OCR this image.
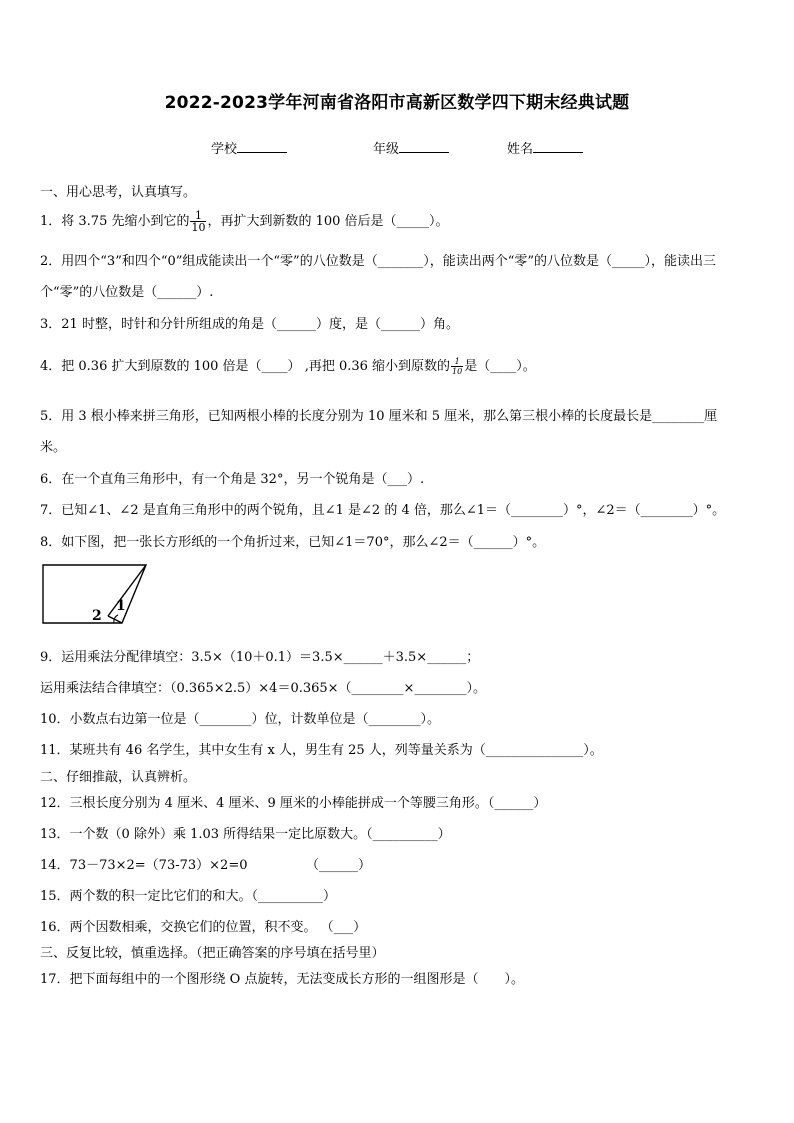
2022-2023学年河南省洛阳市高新区数学四下期末经典试题
学校	年级	姓名
一、用心思考，认真填写。
1．将 3.75 先缩小到它的 $\frac{1}{10}$ ，再扩大到新数的 100 倍后是（_____）。
2．用四个“3”和四个“0”组成能读出一个“零”的八位数是（_______），能读出两个“零”的八位数是（_____），能读出三
个“零”的八位数是（______）.
3．21 时整，时针和分针所组成的角是（______）度，是（______）角。
4．把 0.36 扩大到原数的 100 倍是（____） ,再把 0.36 缩小到原数的 $\frac{1}{10}$ 是（____）。
5．用 3 根小棒来拼三角形，已知两根小棒的长度分别为 10 厘米和 5 厘米，那么第三根小棒的长度最长是________厘
米。
6．在一个直角三角形中，有一个角是 32°，另一个锐角是（___）.
7．已知∠1、∠2 是直角三角形中的两个锐角，且∠1 是∠2 的 4 倍，那么∠1＝（________）°，∠2＝（________）°。
8．如下图，把一张长方形纸的一个角折过来，已知∠1＝70°，那么∠2＝（______）°。
1
2
9．运用乘法分配律填空：3.5×（10＋0.1）＝3.5×______＋3.5×______；
运用乘法结合律填空：（0.365×2.5）×4＝0.365×（________×________）。
10．小数点右边第一位是（________）位，计数单位是（________）。
11．某班共有 46 名学生，其中女生有 x 人，男生有 25 人，列等量关系为（_______________）。
二、仔细推敲，认真辨析。
12．三根长度分别为 4 厘米、4 厘米、9 厘米的小棒能拼成一个等腰三角形。（______）
13．一个数（0 除外）乘 1.03 所得结果一定比原数大。（__________）
14．73－73×2=（73-73）×2=0	（______）
15．两个数的积一定比它们的和大。（__________）
16．两个因数相乘，交换它们的位置，积不变。 （___）
三、反复比较，慎重选择。（把正确答案的序号填在括号里）
17．把下面每组中的一个图形绕 O 点旋转，无法变成长方形的一组图形是（　　）。
